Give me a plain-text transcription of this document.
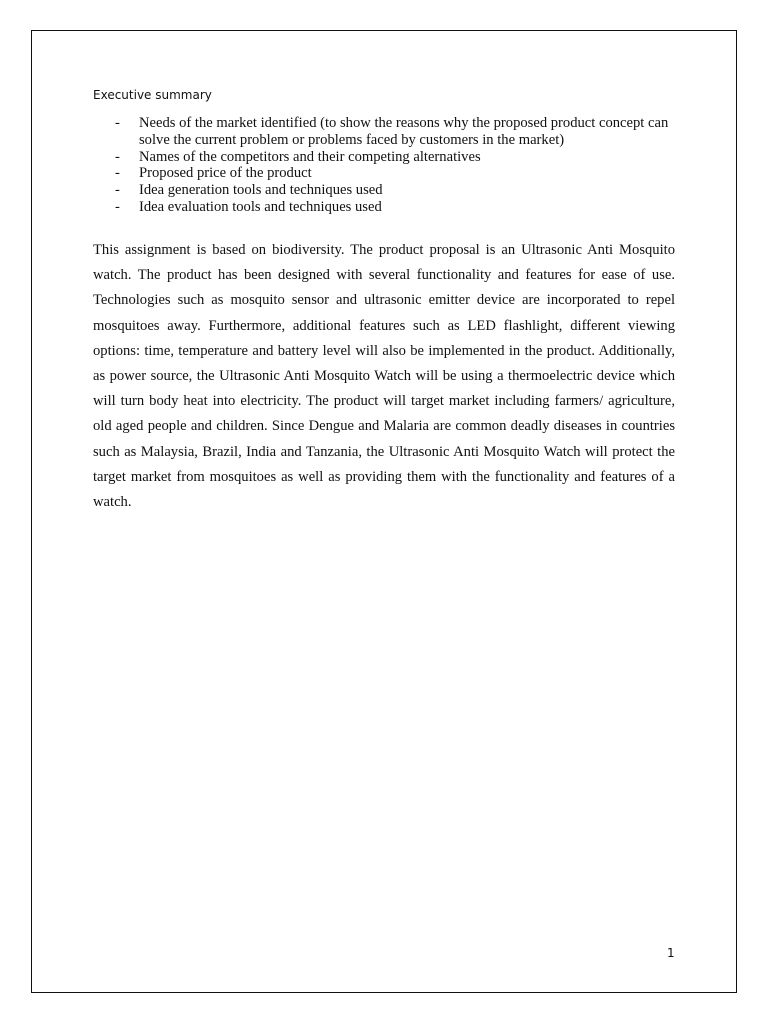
Executive summary
- Needs of the market identified (to show the reasons why the proposed product concept can solve the current problem or problems faced by customers in the market)
- Names of the competitors and their competing alternatives
- Proposed price of the product
- Idea generation tools and techniques used
- Idea evaluation tools and techniques used

This assignment is based on biodiversity. The product proposal is an Ultrasonic Anti Mosquito watch. The product has been designed with several functionality and features for ease of use. Technologies such as mosquito sensor and ultrasonic emitter device are incorporated to repel mosquitoes away. Furthermore, additional features such as LED flashlight, different viewing options: time, temperature and battery level will also be implemented in the product. Additionally, as power source, the Ultrasonic Anti Mosquito Watch will be using a thermoelectric device which will turn body heat into electricity. The product will target market including farmers/ agriculture, old aged people and children. Since Dengue and Malaria are common deadly diseases in countries such as Malaysia, Brazil, India and Tanzania, the Ultrasonic Anti Mosquito Watch will protect the target market from mosquitoes as well as providing them with the functionality and features of a watch.

1
